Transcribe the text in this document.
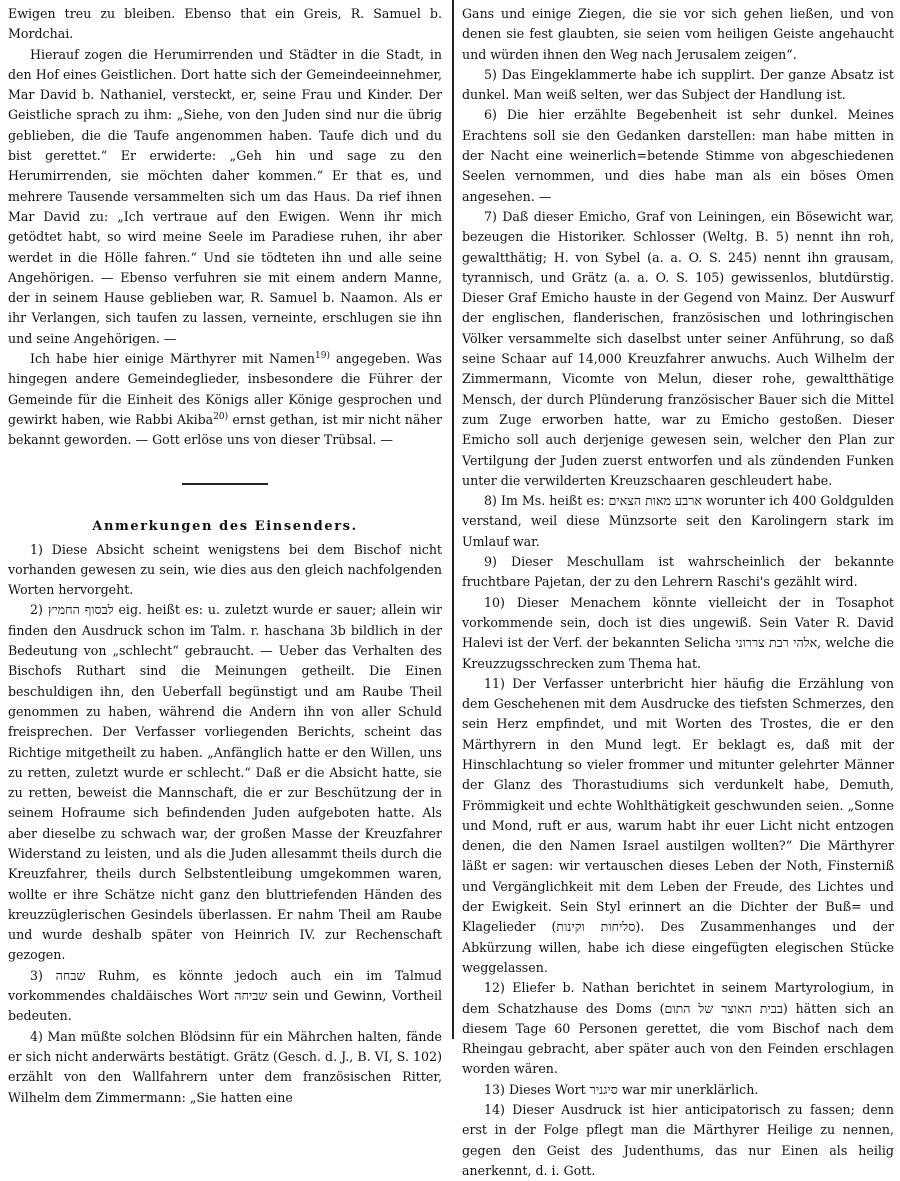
Ewigen treu zu bleiben. Ebenso that ein Greis, R. Samuel b. Mordchai.

Hierauf zogen die Herumirrenden und Städter in die Stadt, in den Hof eines Geistlichen. Dort hatte sich der Gemeindeeinnehmer, Mar David b. Nathaniel, versteckt, er, seine Frau und Kinder. Der Geistliche sprach zu ihm: „Siehe, von den Juden sind nur die übrig geblieben, die die Taufe angenommen haben. Taufe dich und du bist gerettet.“ Er erwiderte: „Geh hin und sage zu den Herumirrenden, sie möchten daher kommen.“ Er that es, und mehrere Tausende versammelten sich um das Haus. Da rief ihnen Mar David zu: „Ich vertraue auf den Ewigen. Wenn ihr mich getödtet habt, so wird meine Seele im Paradiese ruhen, ihr aber werdet in die Hölle fahren.“ Und sie tödteten ihn und alle seine Angehörigen. — Ebenso verfuhren sie mit einem andern Manne, der in seinem Hause geblieben war, R. Samuel b. Naamon. Als er ihr Verlangen, sich taufen zu lassen, verneinte, erschlugen sie ihn und seine Angehörigen. —

Ich habe hier einige Märthyrer mit Namen$^{19)}$ angegeben. Was hingegen andere Gemeindeglieder, insbesondere die Führer der Gemeinde für die Einheit des Königs aller Könige gesprochen und gewirkt haben, wie Rabbi Akiba$^{20)}$ ernst gethan, ist mir nicht näher bekannt geworden. — Gott erlöse uns von dieser Trübsal. —

Anmerkungen des Einsenders.

1) Diese Absicht scheint wenigstens bei dem Bischof nicht vorhanden gewesen zu sein, wie dies aus den gleich nachfolgenden Worten hervorgeht.

2) לבסוף החמיץ eig. heißt es: u. zuletzt wurde er sauer; allein wir finden den Ausdruck schon im Talm. r. haschana 3b bildlich in der Bedeutung von „schlecht“ gebraucht. — Ueber das Verhalten des Bischofs Ruthart sind die Meinungen getheilt. Die Einen beschuldigen ihn, den Ueberfall begünstigt und am Raube Theil genommen zu haben, während die Andern ihn von aller Schuld freisprechen. Der Verfasser vorliegenden Berichts, scheint das Richtige mitgetheilt zu haben. „Anfänglich hatte er den Willen, uns zu retten, zuletzt wurde er schlecht.“ Daß er die Absicht hatte, sie zu retten, beweist die Mannschaft, die er zur Beschützung der in seinem Hofraume sich befindenden Juden aufgeboten hatte. Als aber dieselbe zu schwach war, der großen Masse der Kreuzfahrer Widerstand zu leisten, und als die Juden allesammt theils durch die Kreuzfahrer, theils durch Selbstentleibung umgekommen waren, wollte er ihre Schätze nicht ganz den bluttriefenden Händen des kreuzzüglerischen Gesindels überlassen. Er nahm Theil am Raube und wurde deshalb später von Heinrich IV. zur Rechenschaft gezogen.

3) שבחה Ruhm, es könnte jedoch auch ein im Talmud vorkommendes chaldäisches Wort שביחה sein und Gewinn, Vortheil bedeuten.

4) Man müßte solchen Blödsinn für ein Mährchen halten, fände er sich nicht anderwärts bestätigt. Grätz (Gesch. d. J., B. VI, S. 102) erzählt von den Wallfahrern unter dem französischen Ritter, Wilhelm dem Zimmermann: „Sie hatten eine

Gans und einige Ziegen, die sie vor sich gehen ließen, und von denen sie fest glaubten, sie seien vom heiligen Geiste angehaucht und würden ihnen den Weg nach Jerusalem zeigen“.

5) Das Eingeklammerte habe ich supplirt. Der ganze Absatz ist dunkel. Man weiß selten, wer das Subject der Handlung ist.

6) Die hier erzählte Begebenheit ist sehr dunkel. Meines Erachtens soll sie den Gedanken darstellen: man habe mitten in der Nacht eine weinerlich=betende Stimme von abgeschiedenen Seelen vernommen, und dies habe man als ein böses Omen angesehen. —

7) Daß dieser Emicho, Graf von Leiningen, ein Bösewicht war, bezeugen die Historiker. Schlosser (Weltg. B. 5) nennt ihn roh, gewaltthätig; H. von Sybel (a. a. O. S. 245) nennt ihn grausam, tyrannisch, und Grätz (a. a. O. S. 105) gewissenlos, blutdürstig. Dieser Graf Emicho hauste in der Gegend von Mainz. Der Auswurf der englischen, flanderischen, französischen und lothringischen Völker versammelte sich daselbst unter seiner Anführung, so daß seine Schaar auf 14,000 Kreuzfahrer anwuchs. Auch Wilhelm der Zimmermann, Vicomte von Melun, dieser rohe, gewaltthätige Mensch, der durch Plünderung französischer Bauer sich die Mittel zum Zuge erworben hatte, war zu Emicho gestoßen. Dieser Emicho soll auch derjenige gewesen sein, welcher den Plan zur Vertilgung der Juden zuerst entworfen und als zündenden Funken unter die verwilderten Kreuzschaaren geschleudert habe.

8) Im Ms. heißt es: ארבע מאות הצאים worunter ich 400 Goldgulden verstand, weil diese Münzsorte seit den Karolingern stark im Umlauf war.

9) Dieser Meschullam ist wahrscheinlich der bekannte fruchtbare Pajetan, der zu den Lehrern Raschi's gezählt wird.

10) Dieser Menachem könnte vielleicht der in Tosaphot vorkommende sein, doch ist dies ungewiß. Sein Vater R. David Halevi ist der Verf. der bekannten Selicha אלהי רבת צררוני, welche die Kreuzzugsschrecken zum Thema hat.

11) Der Verfasser unterbricht hier häufig die Erzählung von dem Geschehenen mit dem Ausdrucke des tiefsten Schmerzes, den sein Herz empfindet, und mit Worten des Trostes, die er den Märthyrern in den Mund legt. Er beklagt es, daß mit der Hinschlachtung so vieler frommer und mitunter gelehrter Männer der Glanz des Thorastudiums sich verdunkelt habe, Demuth, Frömmigkeit und echte Wohlthätigkeit geschwunden seien. „Sonne und Mond, ruft er aus, warum habt ihr euer Licht nicht entzogen denen, die den Namen Israel austilgen wollten?“ Die Märthyrer läßt er sagen: wir vertauschen dieses Leben der Noth, Finsterniß und Vergänglichkeit mit dem Leben der Freude, des Lichtes und der Ewigkeit. Sein Styl erinnert an die Dichter der Buß= und Klagelieder (סליחות וקינות). Des Zusammenhanges und der Abkürzung willen, habe ich diese eingefügten elegischen Stücke weggelassen.

12) Eliefer b. Nathan berichtet in seinem Martyrologium, in dem Schatzhause des Doms (בבית האוצר של התום) hätten sich an diesem Tage 60 Personen gerettet, die vom Bischof nach dem Rheingau gebracht, aber später auch von den Feinden erschlagen worden wären.

13) Dieses Wort סיגניר war mir unerklärlich.

14) Dieser Ausdruck ist hier anticipatorisch zu fassen; denn erst in der Folge pflegt man die Märthyrer Heilige zu nennen, gegen den Geist des Judenthums, das nur Einen als heilig anerkennt, d. i. Gott.
